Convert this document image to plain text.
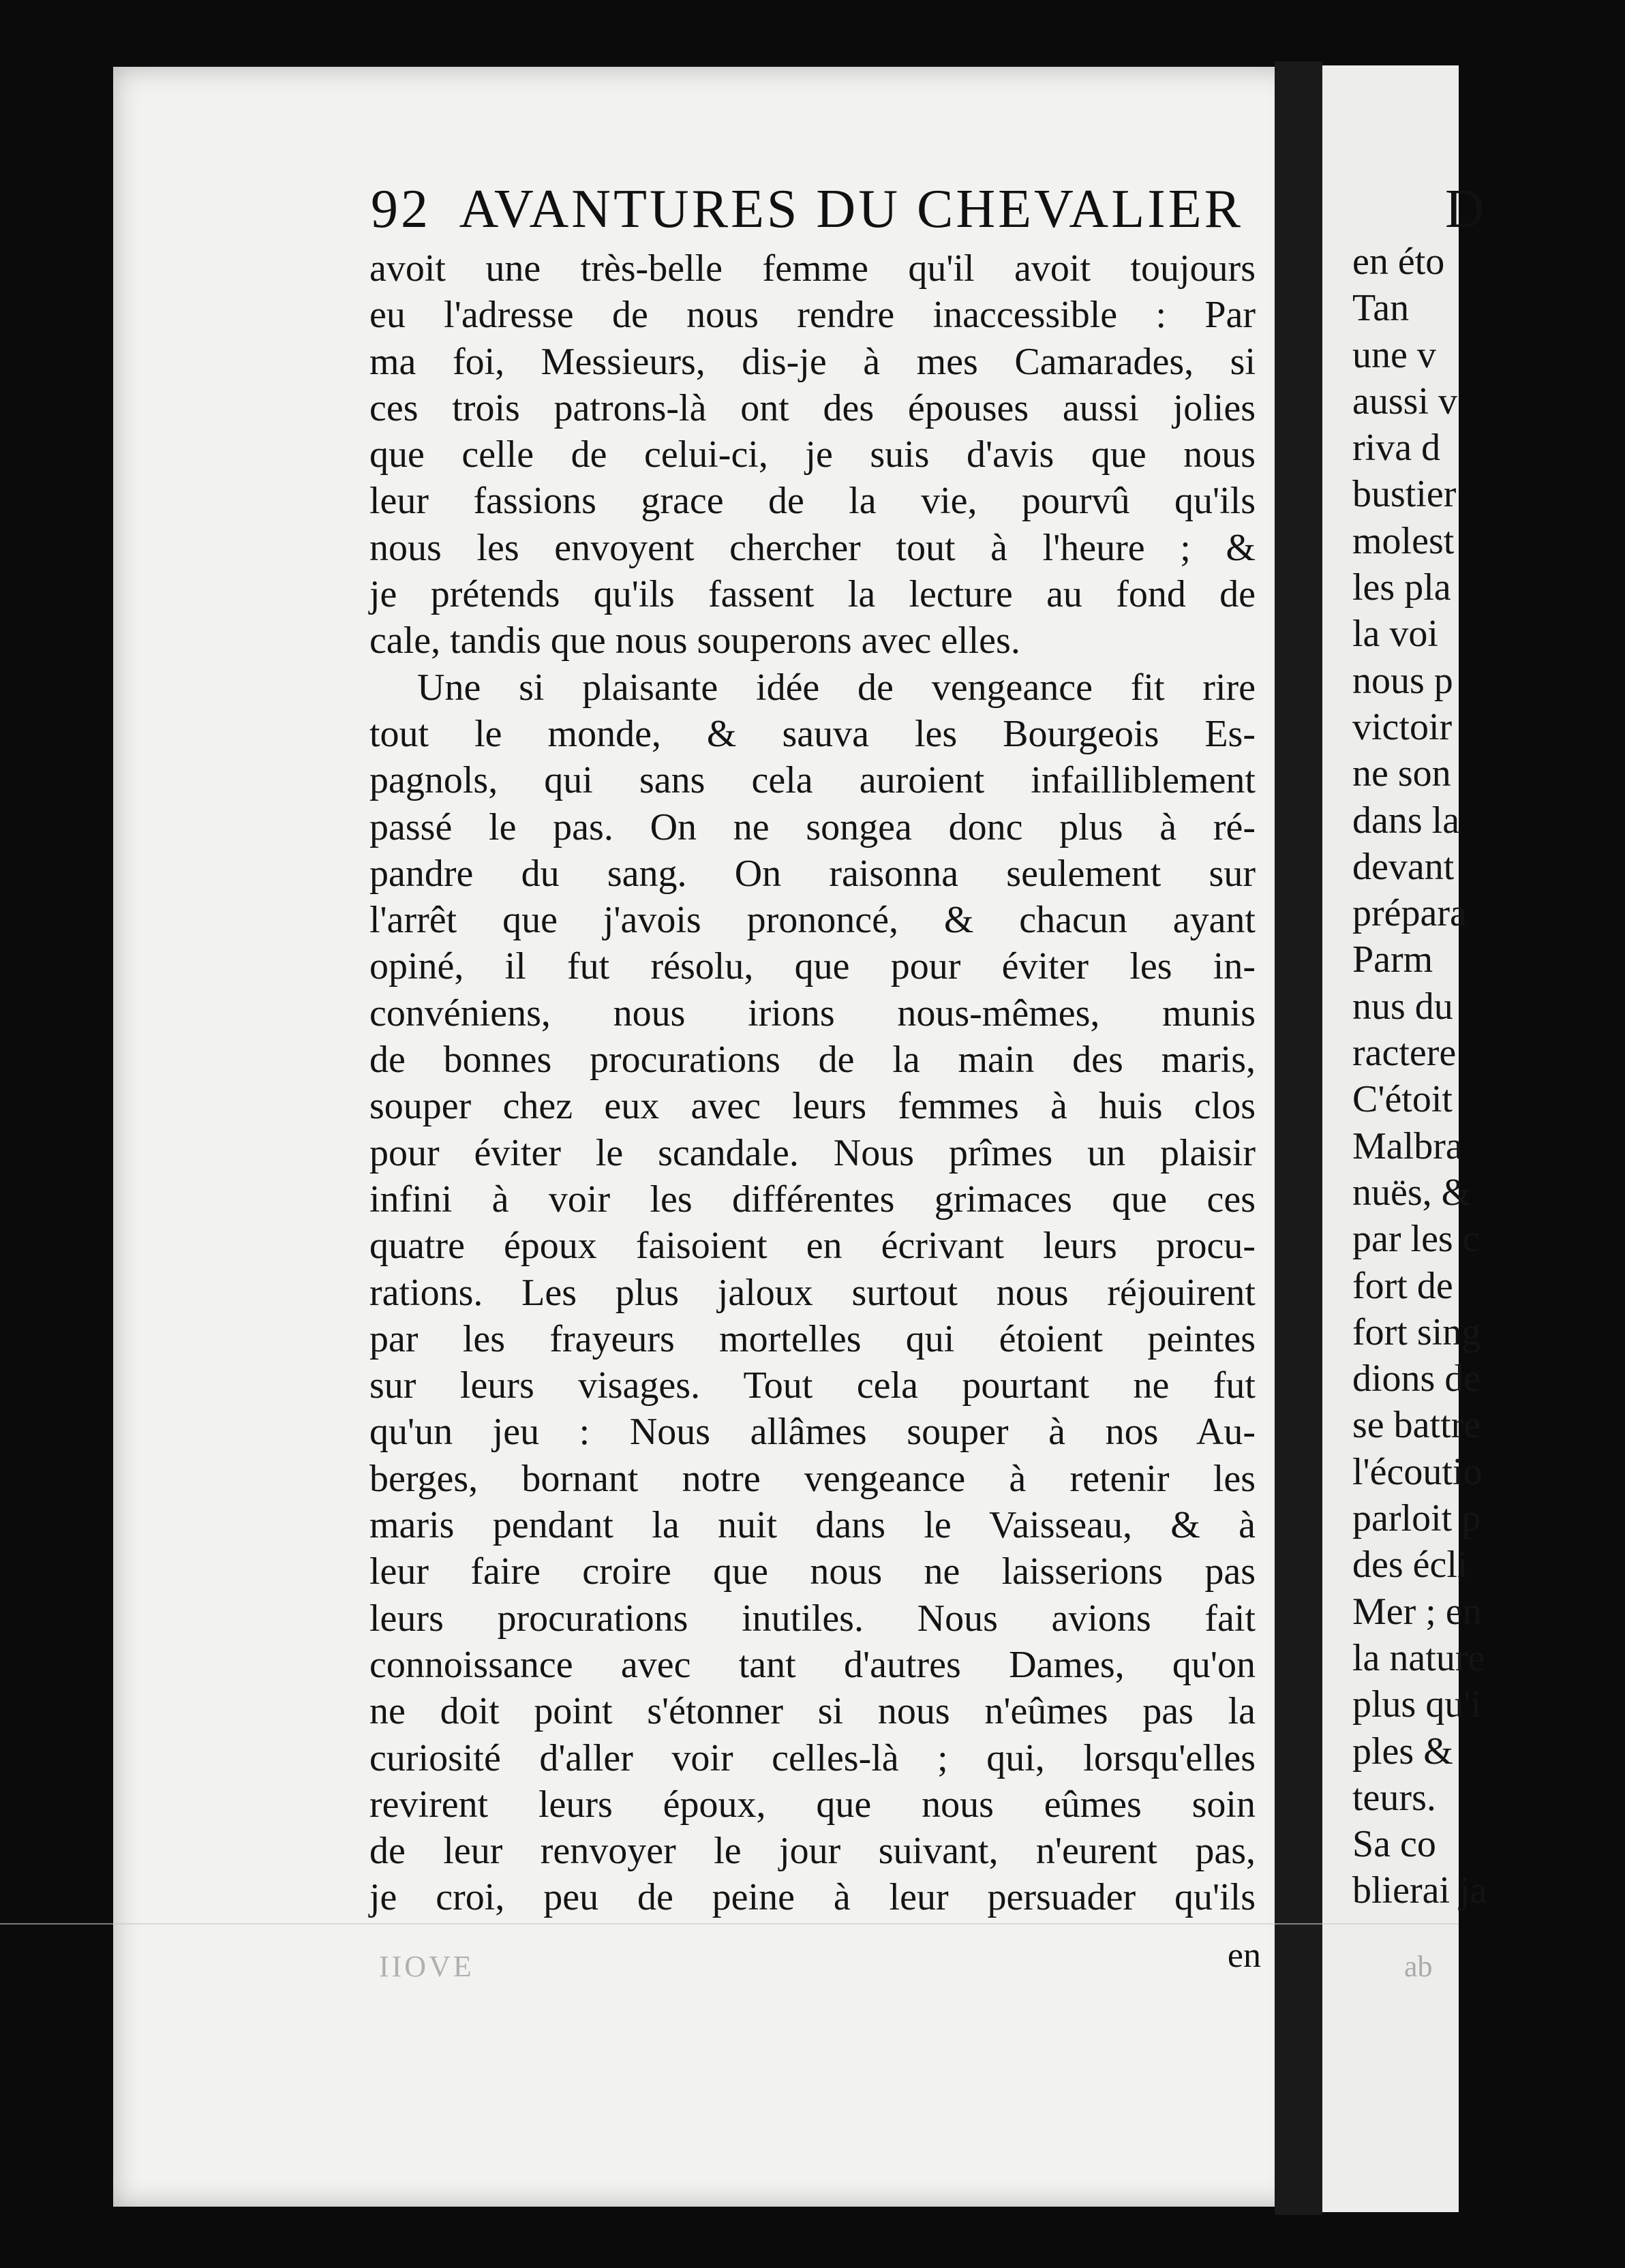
92 AVANTURES DU CHEVALIER
avoit une très-belle femme qu'il avoit toujours
eu l'adresse de nous rendre inaccessible : Par
ma foi, Messieurs, dis-je à mes Camarades, si
ces trois patrons-là ont des épouses aussi jolies
que celle de celui-ci, je suis d'avis que nous
leur fassions grace de la vie, pourvû qu'ils
nous les envoyent chercher tout à l'heure ; &
je prétends qu'ils fassent la lecture au fond de
cale, tandis que nous souperons avec elles.
Une si plaisante idée de vengeance fit rire
tout le monde, & sauva les Bourgeois Es-
pagnols, qui sans cela auroient infailliblement
passé le pas. On ne songea donc plus à ré-
pandre du sang. On raisonna seulement sur
l'arrêt que j'avois prononcé, & chacun ayant
opiné, il fut résolu, que pour éviter les in-
convéniens, nous irions nous-mêmes, munis
de bonnes procurations de la main des maris,
souper chez eux avec leurs femmes à huis clos
pour éviter le scandale. Nous prîmes un plaisir
infini à voir les différentes grimaces que ces
quatre époux faisoient en écrivant leurs procu-
rations. Les plus jaloux surtout nous réjouirent
par les frayeurs mortelles qui étoient peintes
sur leurs visages. Tout cela pourtant ne fut
qu'un jeu : Nous allâmes souper à nos Au-
berges, bornant notre vengeance à retenir les
maris pendant la nuit dans le Vaisseau, & à
leur faire croire que nous ne laisserions pas
leurs procurations inutiles. Nous avions fait
connoissance avec tant d'autres Dames, qu'on
ne doit point s'étonner si nous n'eûmes pas la
curiosité d'aller voir celles-là ; qui, lorsqu'elles
revirent leurs époux, que nous eûmes soin
de leur renvoyer le jour suivant, n'eurent pas,
je croi, peu de peine à leur persuader qu'ils
IIOVE	en
D
en éto
Tan
une v
aussi v
riva d
bustier
molest
les pla
la voi
nous p
victoir
ne son
dans la
devant
prépara
Parm
nus du
ractere
C'étoit
Malbra
nuës, &
par les c
fort de
fort sing
dions de
se battre
l'écoutio
parloit p
des écli
Mer ; en
la nature
plus qu'i
ples &
teurs.
Sa co
blierai ja
ab
